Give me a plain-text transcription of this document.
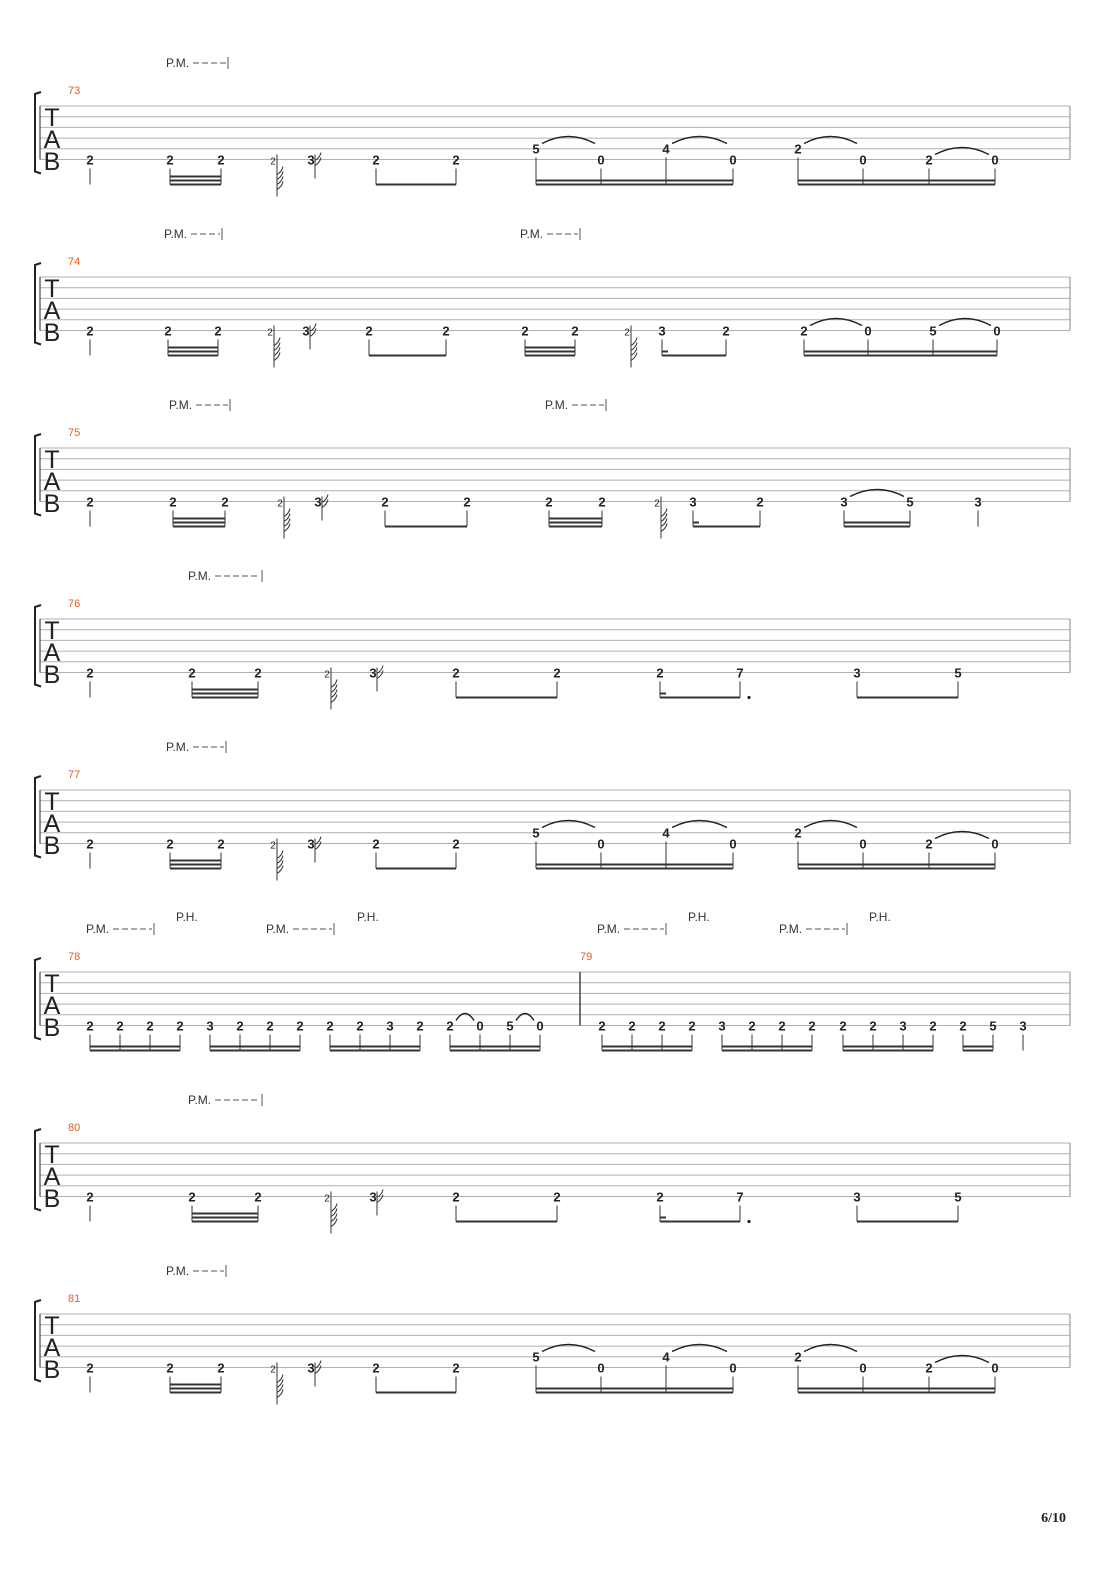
T
A
B
73
P.M.
2	2	2	2 3	2	2
5
0
4
0
2
0	2	0
T
A
B
74
P.M.	P.M.
2	2	2	2 3	2	2	2	2	2 3	2	2	0	5	0
T
A
B
75
P.M.	P.M.
2	2	2	2 3	2	2	2	2	2 3	2	3	5	3
T
A
B
76
P.M.
2	2	2	2	3	2	2	2	7	3	5
T
A
B
77
P.M.
2	2	2	2 3	2	2
5
0
4
0
2
0	2	0
T
A
B
78	79
P.M.
P.H.
P.M.
P.H.
P.M.
P.H.
P.M.
P.H.
2 2 2 2 3 2 2 2 2 2 3 2 2 0 5 0	2 2 2 2 3 2 2 2 2 2 3 2 2 5 3
T
A
B
80
P.M.
2	2	2	2	3	2	2	2	7	3	5
T
A
B
81
P.M.
2	2	2	2 3	2	2
5
0
4
0
2
0	2	0
6/10
